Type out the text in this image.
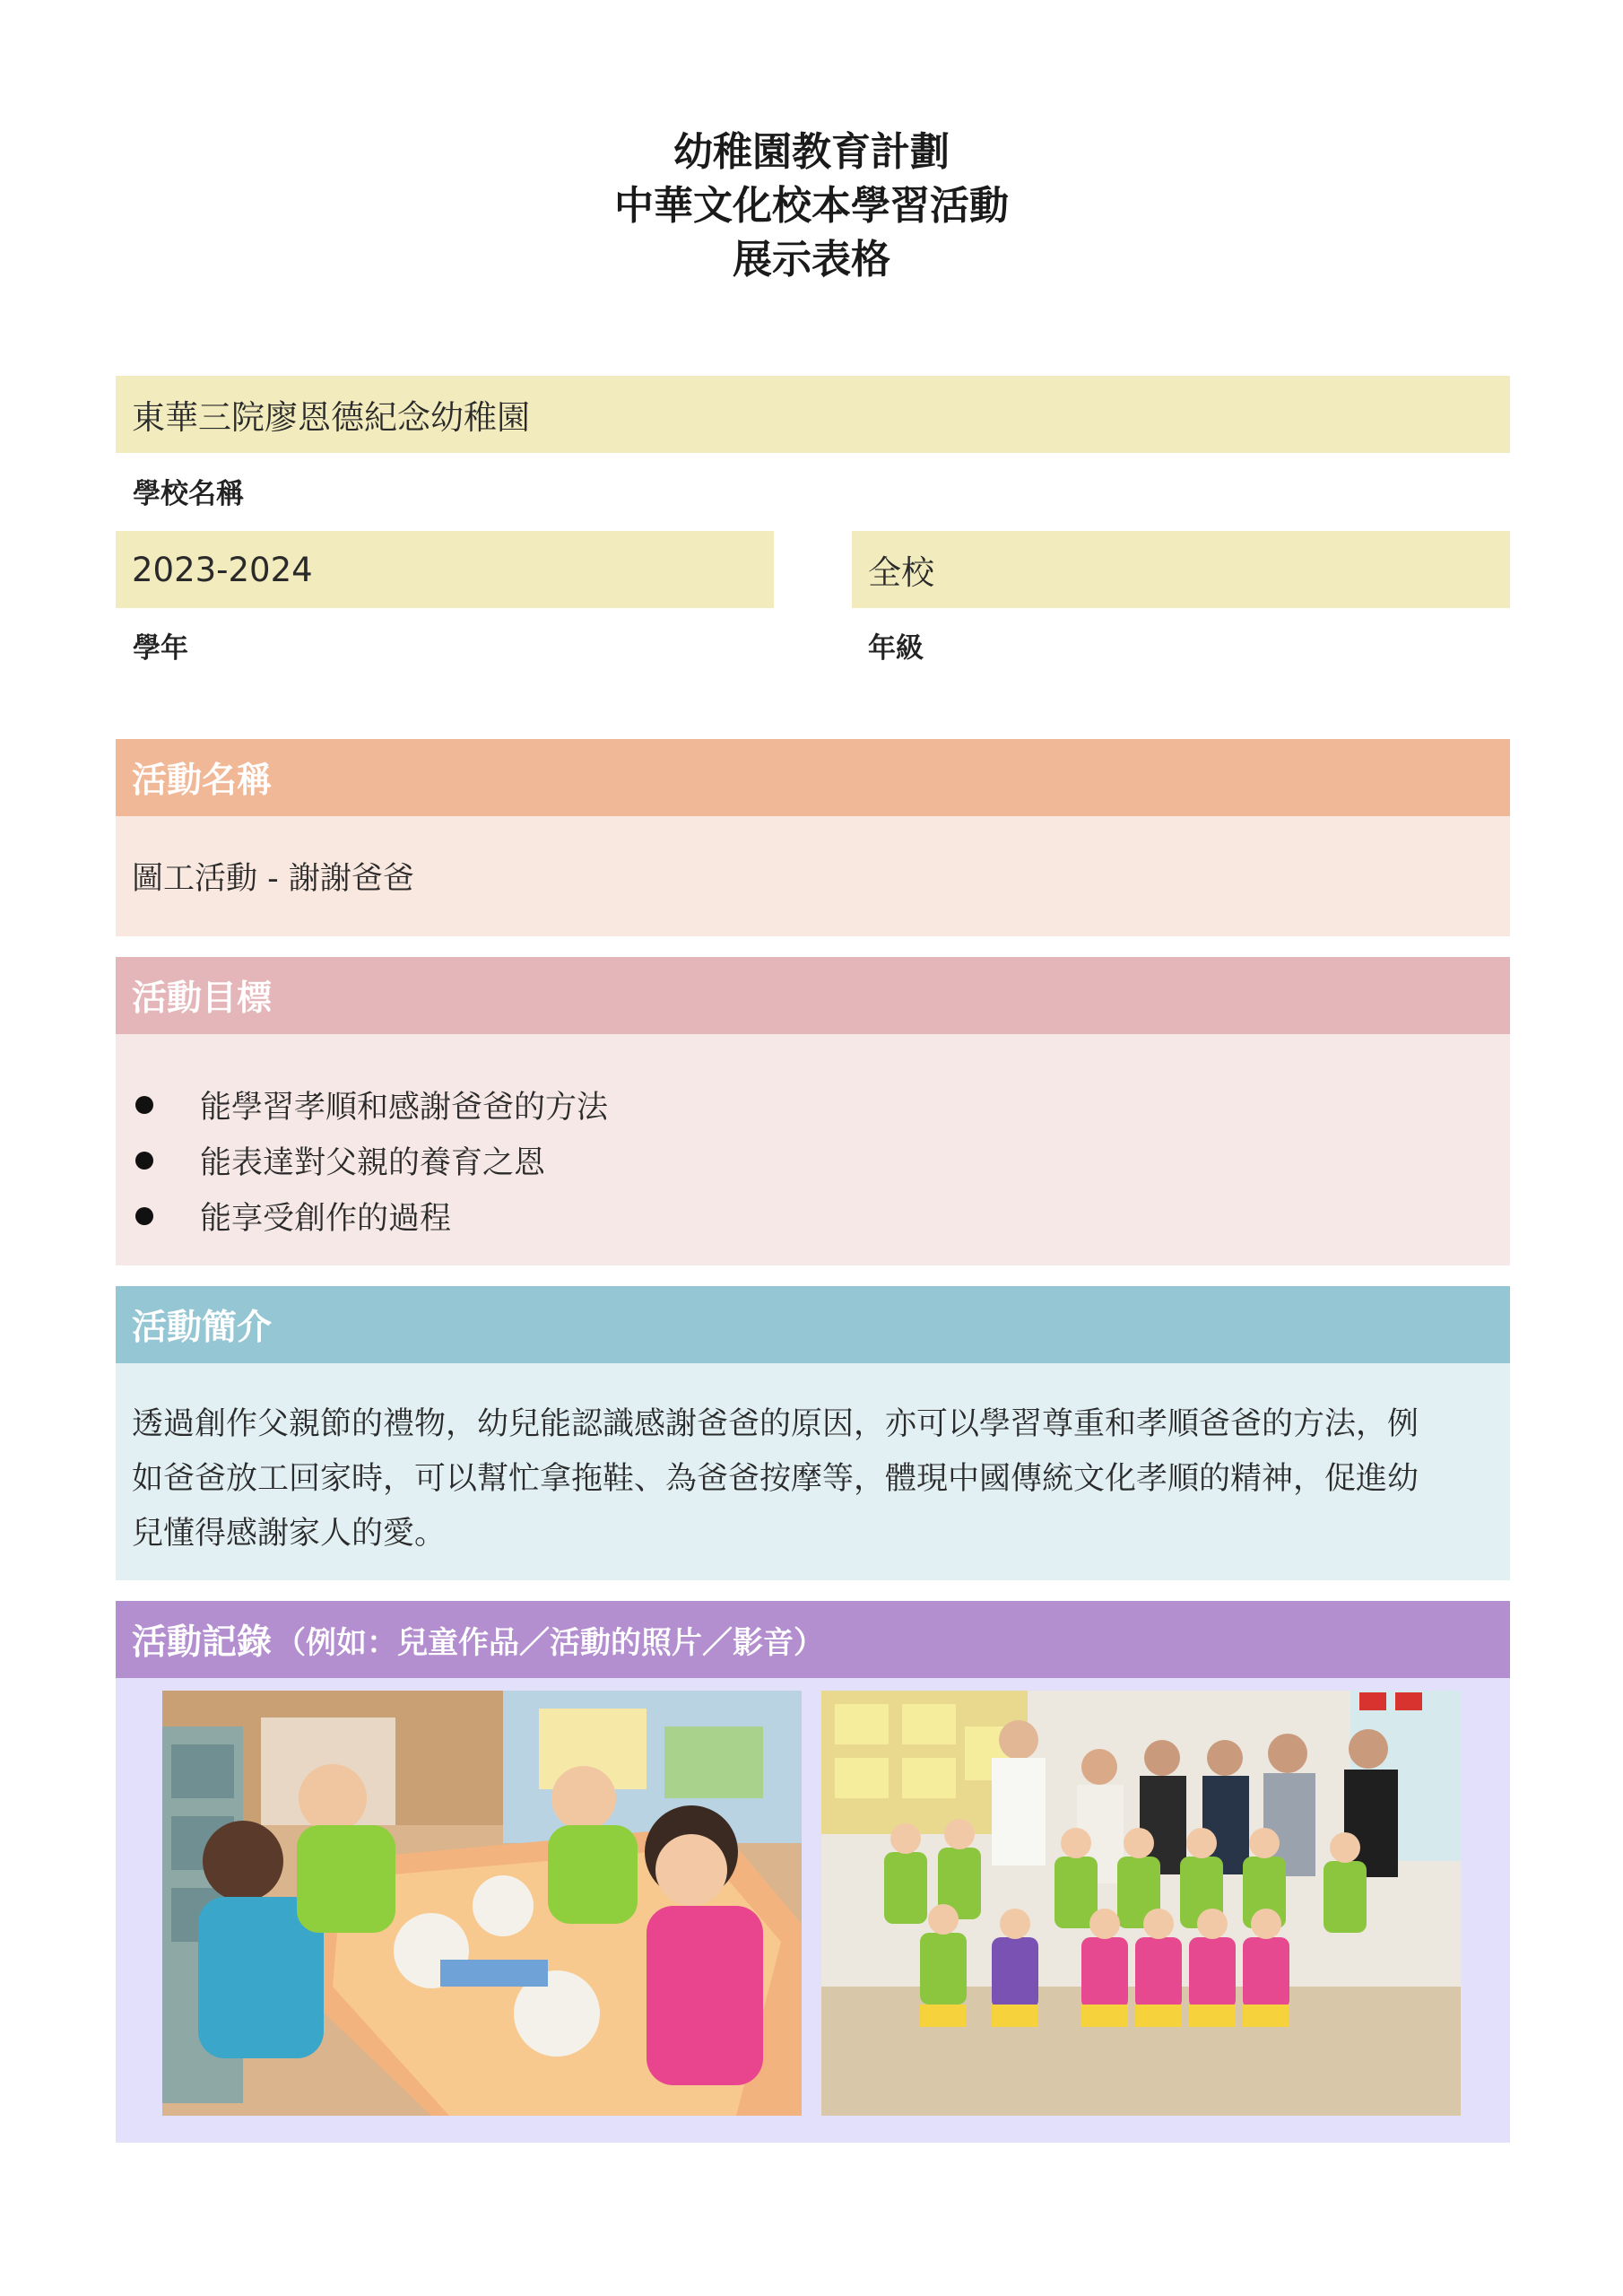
幼稚園教育計劃
中華文化校本學習活動
展示表格
東華三院廖恩德紀念幼稚園
學校名稱
2023-2024
學年
全校
年級
活動名稱
圖工活動 - 謝謝爸爸
活動目標
能學習孝順和感謝爸爸的方法
能表達對父親的養育之恩
能享受創作的過程
活動簡介
透過創作父親節的禮物，幼兒能認識感謝爸爸的原因，亦可以學習尊重和孝順爸爸的方法，例
如爸爸放工回家時，可以幫忙拿拖鞋、為爸爸按摩等，體現中國傳統文化孝順的精神，促進幼
兒懂得感謝家人的愛。
活動記錄 （例如：兒童作品／活動的照片／影音）
